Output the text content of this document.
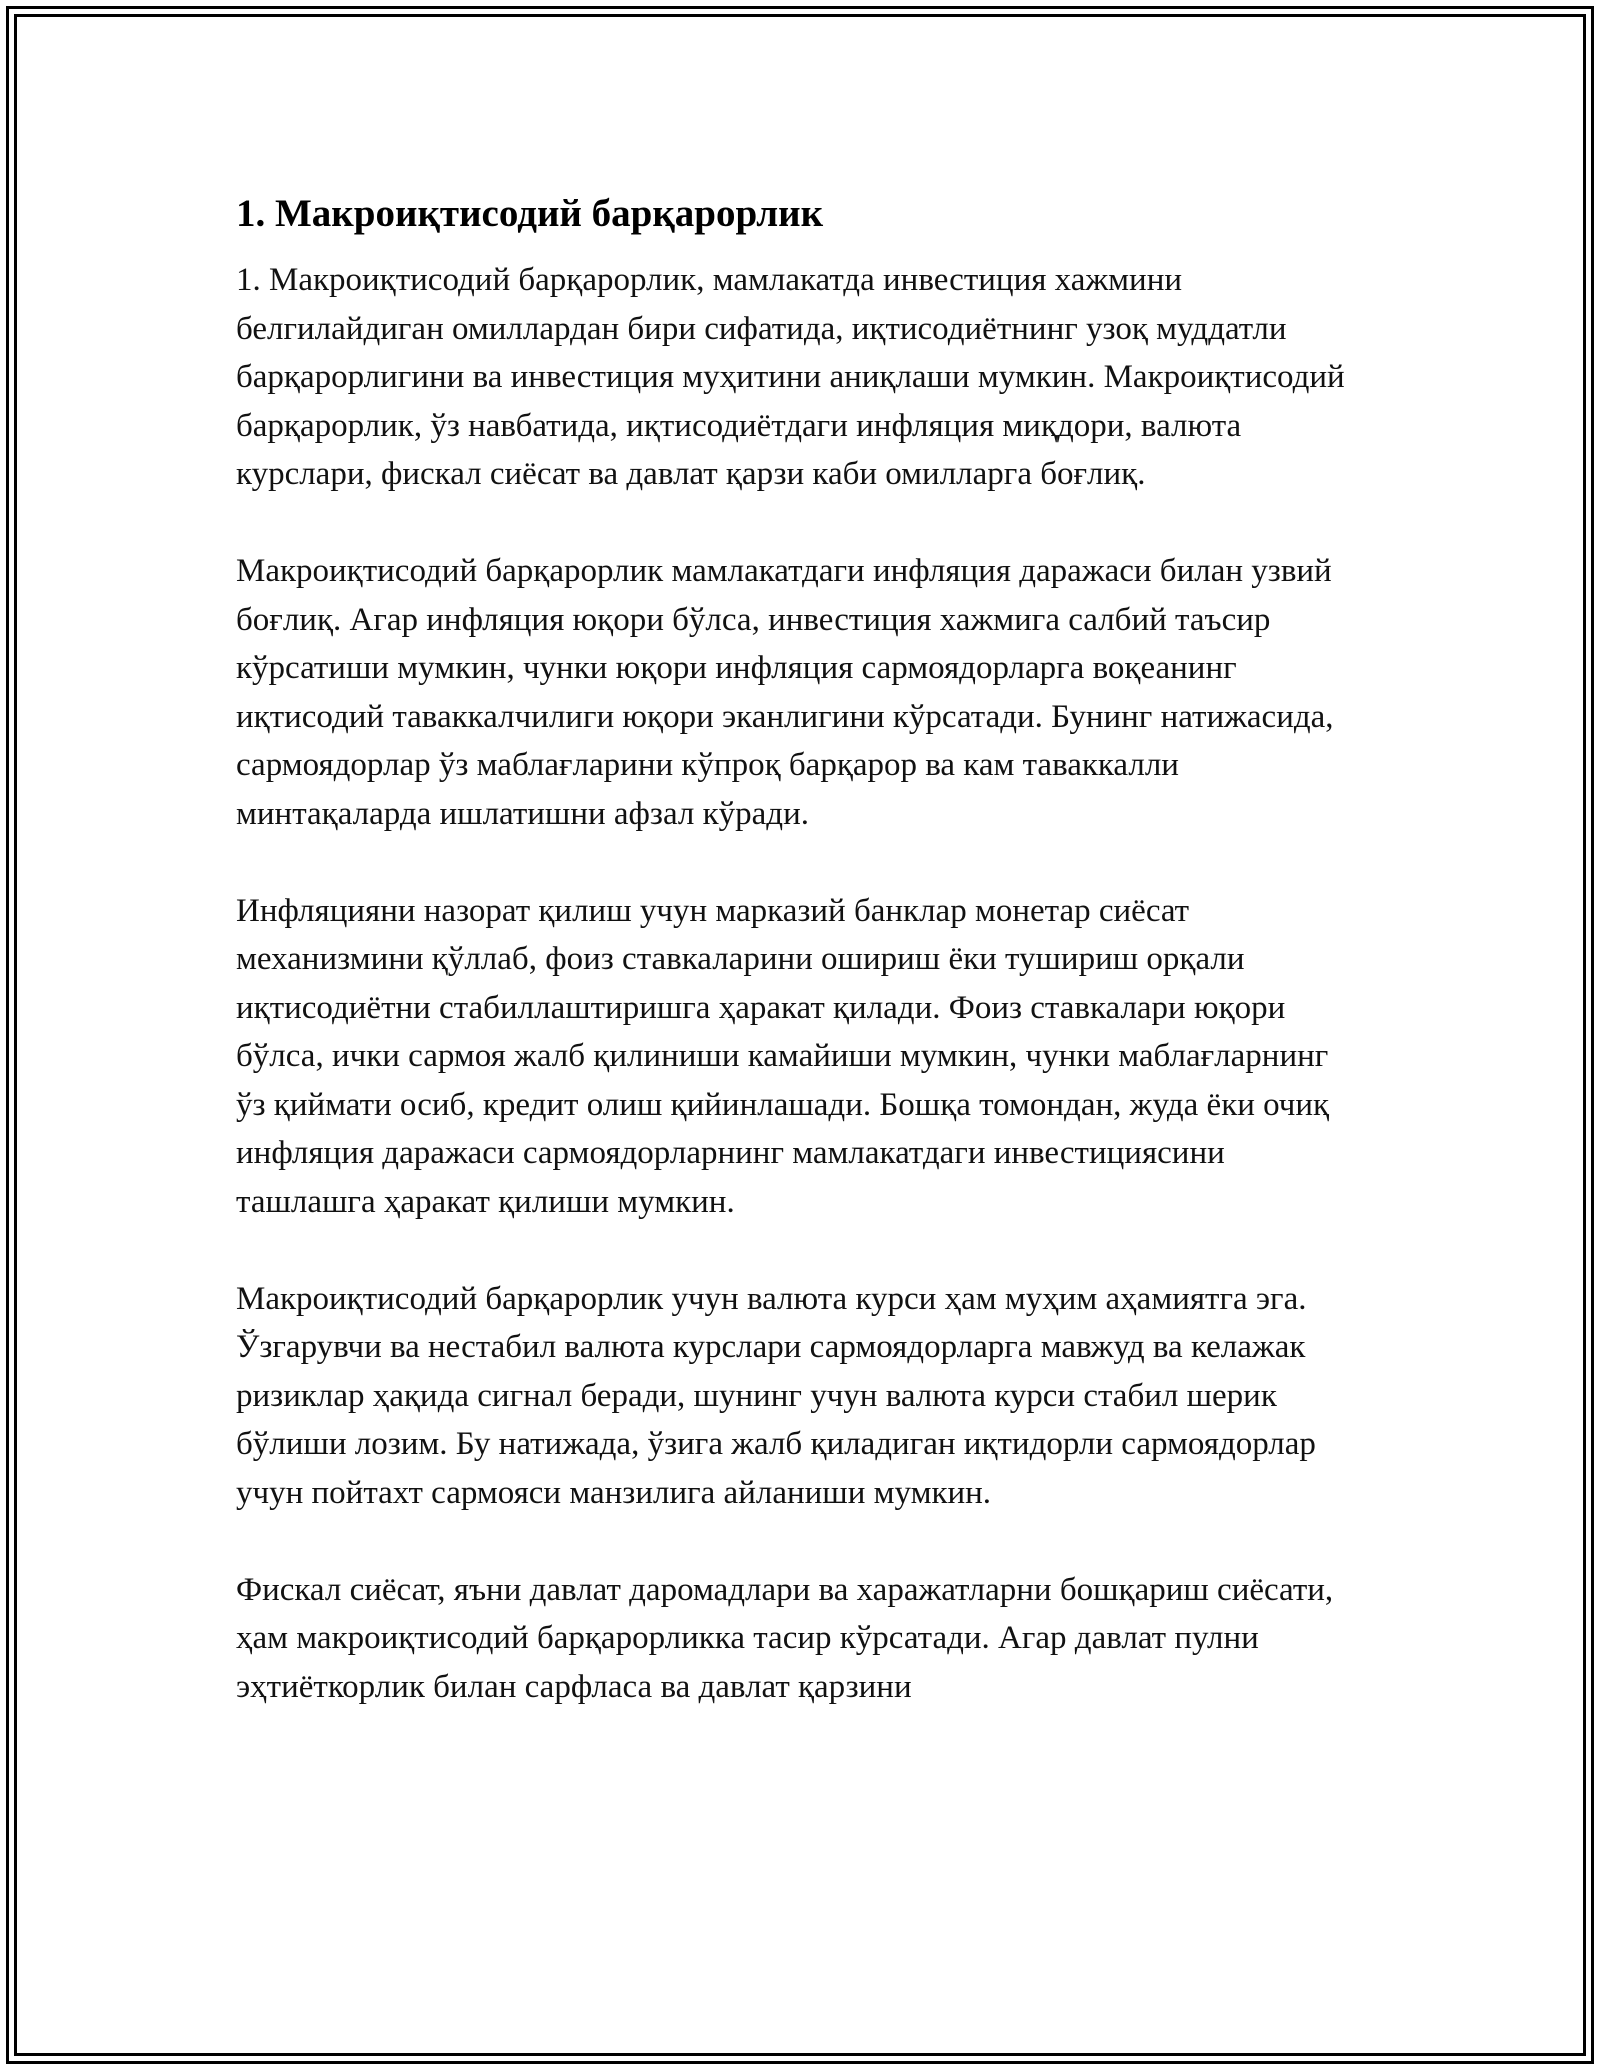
1. Макроиқтисодий барқарорлик

1. Макроиқтисодий барқарорлик, мамлакатда инвестиция хажмини белгилайдиган омиллардан бири сифатида, иқтисодиётнинг узоқ муддатли барқарорлигини ва инвестиция муҳитини аниқлаши мумкин. Макроиқтисодий барқарорлик, ўз навбатида, иқтисодиётдаги инфляция миқдори, валюта курслари, фискал сиёсат ва давлат қарзи каби омилларга боғлиқ.

Макроиқтисодий барқарорлик мамлакатдаги инфляция даражаси билан узвий боғлиқ. Агар инфляция юқори бўлса, инвестиция хажмига салбий таъсир кўрсатиши мумкин, чунки юқори инфляция сармоядорларга воқеанинг иқтисодий таваккалчилиги юқори эканлигини кўрсатади. Бунинг натижасида, сармоядорлар ўз маблағларини кўпроқ барқарор ва кам таваккалли минтақаларда ишлатишни афзал кўради.

Инфляцияни назорат қилиш учун марказий банклар монетар сиёсат механизмини қўллаб, фоиз ставкаларини ошириш ёки тушириш орқали иқтисодиётни стабиллаштиришга ҳаракат қилади. Фоиз ставкалари юқори бўлса, ички сармоя жалб қилиниши камайиши мумкин, чунки маблағларнинг ўз қиймати осиб, кредит олиш қийинлашади. Бошқа томондан, жуда ёки очиқ инфляция даражаси сармоядорларнинг мамлакатдаги инвестициясини ташлашга ҳаракат қилиши мумкин.

Макроиқтисодий барқарорлик учун валюта курси ҳам муҳим аҳамиятга эга. Ўзгарувчи ва нестабил валюта курслари сармоядорларга мавжуд ва келажак ризиклар ҳақида сигнал беради, шунинг учун валюта курси стабил шерик бўлиши лозим. Бу натижада, ўзига жалб қиладиган иқтидорли сармоядорлар учун пойтахт сармояси манзилига айланиши мумкин.

Фискал сиёсат, яъни давлат даромадлари ва харажатларни бошқариш сиёсати, ҳам макроиқтисодий барқарорликка тасир кўрсатади. Агар давлат пулни эҳтиёткорлик билан сарфласа ва давлат қарзини
